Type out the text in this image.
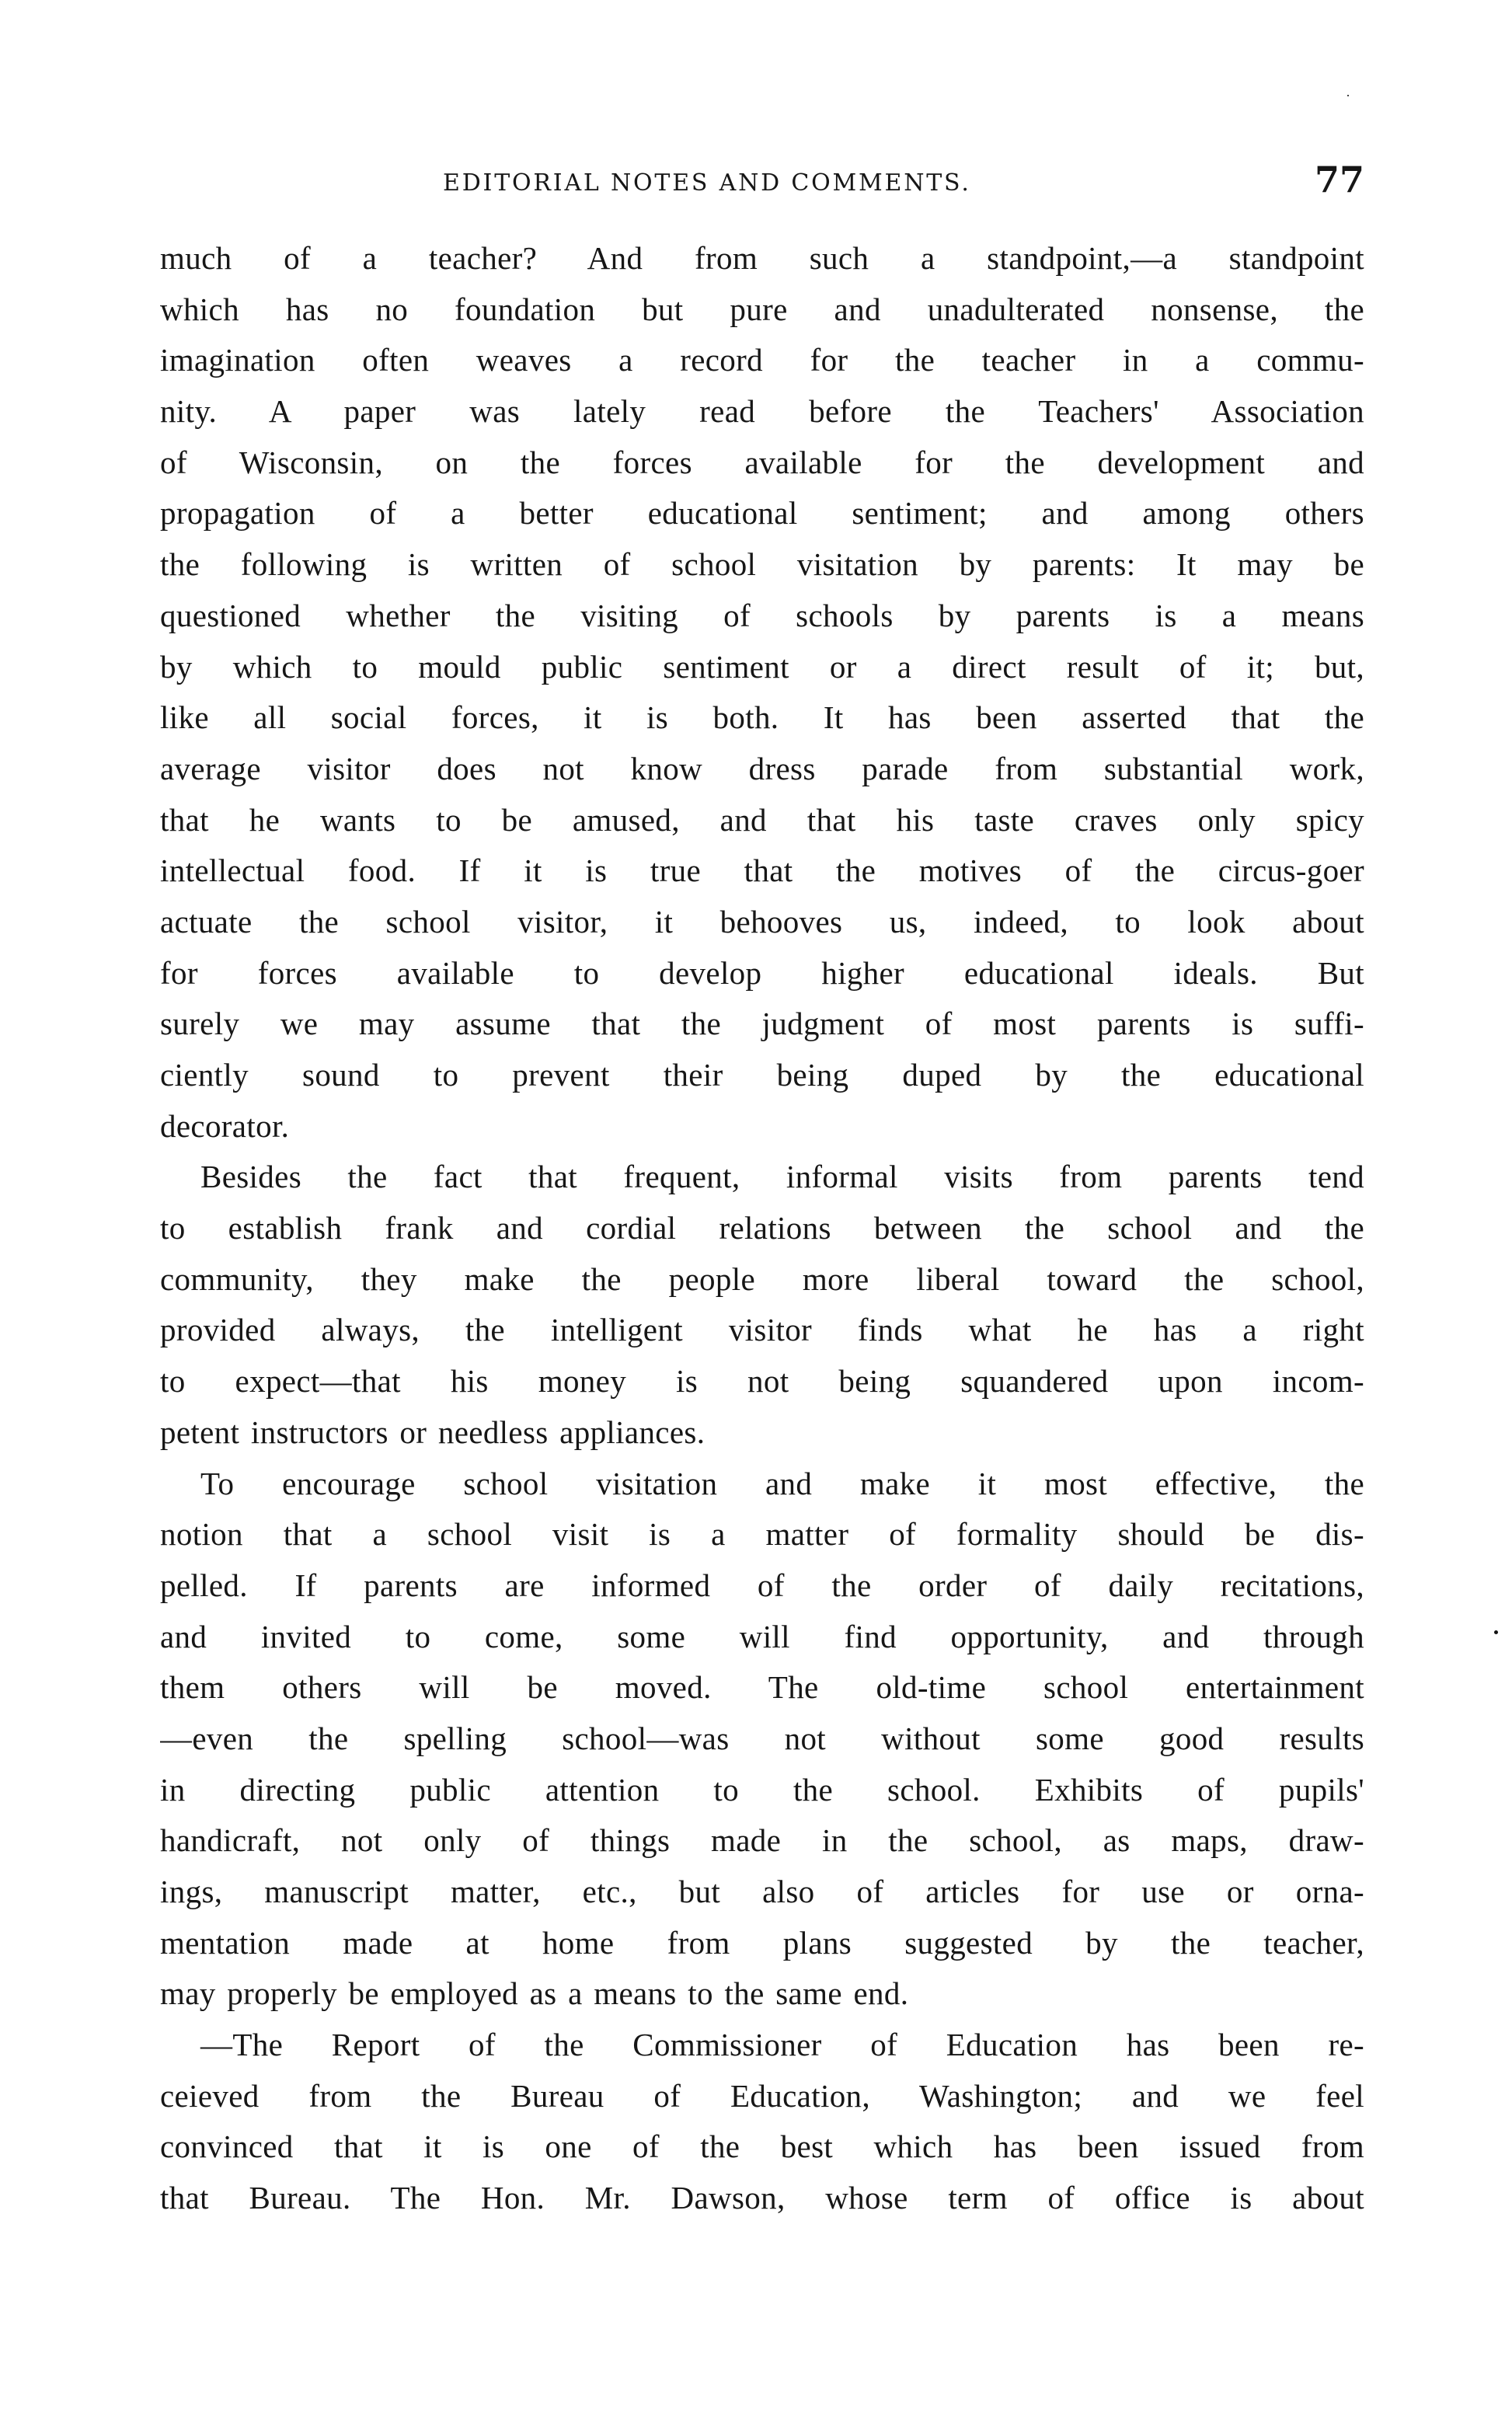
EDITORIAL NOTES AND COMMENTS.	77
much of a teacher? And from such a standpoint,—a standpoint
which has no foundation but pure and unadulterated nonsense, the
imagination often weaves a record for the teacher in a commu-
nity. A paper was lately read before the Teachers' Association
of Wisconsin, on the forces available for the development and
propagation of a better educational sentiment; and among others
the following is written of school visitation by parents: It may be
questioned whether the visiting of schools by parents is a means
by which to mould public sentiment or a direct result of it; but,
like all social forces, it is both. It has been asserted that the
average visitor does not know dress parade from substantial work,
that he wants to be amused, and that his taste craves only spicy
intellectual food. If it is true that the motives of the circus-goer
actuate the school visitor, it behooves us, indeed, to look about
for forces available to develop higher educational ideals. But
surely we may assume that the judgment of most parents is suffi-
ciently sound to prevent their being duped by the educational
decorator.
Besides the fact that frequent, informal visits from parents tend
to establish frank and cordial relations between the school and the
community, they make the people more liberal toward the school,
provided always, the intelligent visitor finds what he has a right
to expect—that his money is not being squandered upon incom-
petent instructors or needless appliances.
To encourage school visitation and make it most effective, the
notion that a school visit is a matter of formality should be dis-
pelled. If parents are informed of the order of daily recitations,
and invited to come, some will find opportunity, and through
them others will be moved. The old-time school entertainment
—even the spelling school—was not without some good results
in directing public attention to the school. Exhibits of pupils'
handicraft, not only of things made in the school, as maps, draw-
ings, manuscript matter, etc., but also of articles for use or orna-
mentation made at home from plans suggested by the teacher,
may properly be employed as a means to the same end.
—The Report of the Commissioner of Education has been re-
ceieved from the Bureau of Education, Washington; and we feel
convinced that it is one of the best which has been issued from
that Bureau. The Hon. Mr. Dawson, whose term of office is about
